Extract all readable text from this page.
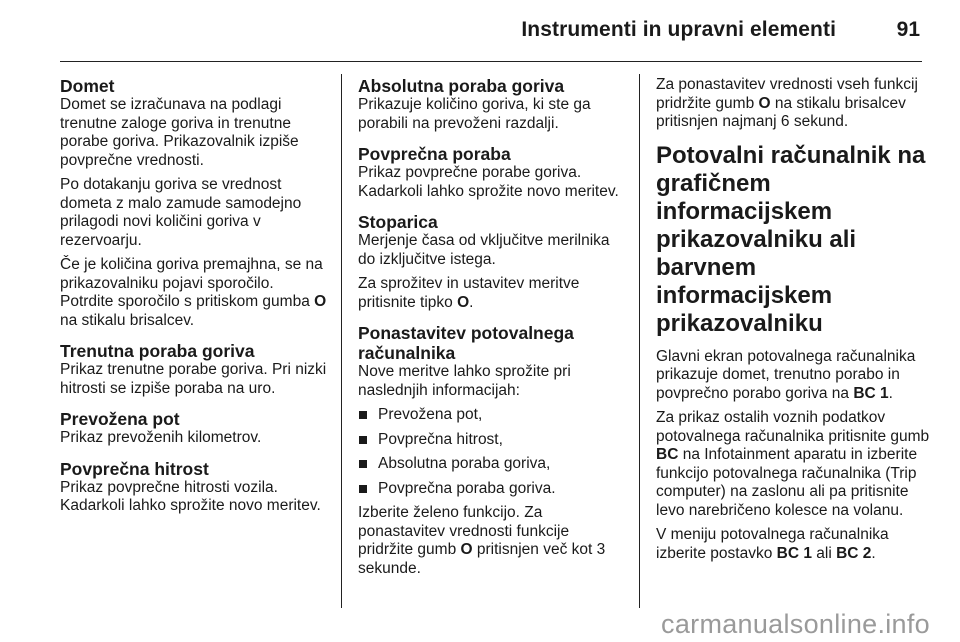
Instrumenti in upravni elementi	91
Domet

Domet se izračunava na podlagi trenutne zaloge goriva in trenutne porabe goriva. Prikazovalnik izpiše povprečne vrednosti.

Po dotakanju goriva se vrednost dometa z malo zamude samodejno prilagodi novi količini goriva v rezervoarju.

Če je količina goriva premajhna, se na prikazovalniku pojavi sporočilo. Potrdite sporočilo s pritiskom gumba O na stikalu brisalcev.

Trenutna poraba goriva

Prikaz trenutne porabe goriva. Pri nizki hitrosti se izpiše poraba na uro.

Prevožena pot

Prikaz prevoženih kilometrov.

Povprečna hitrost

Prikaz povprečne hitrosti vozila. Kadarkoli lahko sprožite novo meritev.

Absolutna poraba goriva

Prikazuje količino goriva, ki ste ga porabili na prevoženi razdalji.

Povprečna poraba

Prikaz povprečne porabe goriva. Kadarkoli lahko sprožite novo meritev.

Stoparica

Merjenje časa od vključitve merilnika do izključitve istega.

Za sprožitev in ustavitev meritve pritisnite tipko O.

Ponastavitev potovalnega računalnika

Nove meritve lahko sprožite pri naslednjih informacijah:

Prevožena pot,
Povprečna hitrost,
Absolutna poraba goriva,
Povprečna poraba goriva.

Izberite želeno funkcijo. Za ponastavitev vrednosti funkcije pridržite gumb O pritisnjen več kot 3 sekunde.

Za ponastavitev vrednosti vseh funkcij pridržite gumb O na stikalu brisalcev pritisnjen najmanj 6 sekund.

Potovalni računalnik na grafičnem informacijskem prikazovalniku ali barvnem informacijskem prikazovalniku

Glavni ekran potovalnega računalnika prikazuje domet, trenutno porabo in povprečno porabo goriva na BC 1.

Za prikaz ostalih voznih podatkov potovalnega računalnika pritisnite gumb BC na Infotainment aparatu in izberite funkcijo potovalnega računalnika (Trip computer) na zaslonu ali pa pritisnite levo narebričeno kolesce na volanu.

V meniju potovalnega računalnika izberite postavko BC 1 ali BC 2.

carmanualsonline.info
